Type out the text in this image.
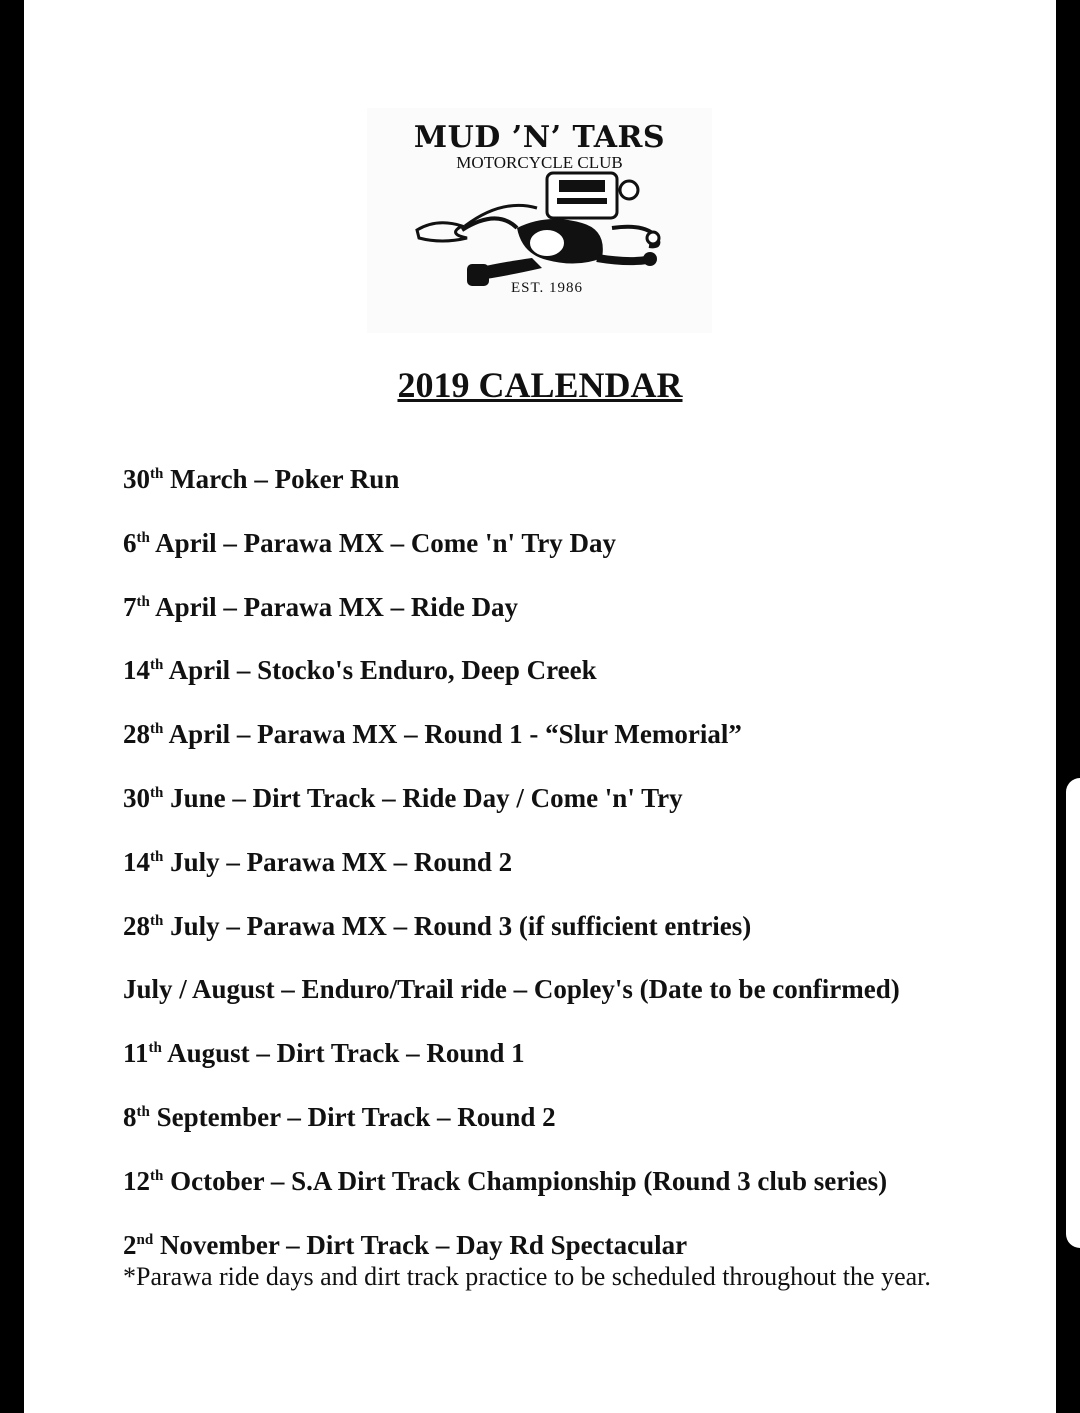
MUD ’N’ TARS
MOTORCYCLE CLUB
EST. 1986
2019 CALENDAR
30th March – Poker Run
6th April – Parawa MX – Come 'n' Try Day
7th April – Parawa MX – Ride Day
14th April – Stocko's Enduro, Deep Creek
28th April – Parawa MX – Round 1 - “Slur Memorial”
30th June – Dirt Track – Ride Day / Come 'n' Try
14th July – Parawa MX – Round 2
28th July – Parawa MX – Round 3 (if sufficient entries)
July / August – Enduro/Trail ride – Copley's (Date to be confirmed)
11th August – Dirt Track – Round 1
8th September – Dirt Track – Round 2
12th October – S.A Dirt Track Championship (Round 3 club series)
2nd November – Dirt Track – Day Rd Spectacular
*Parawa ride days and dirt track practice to be scheduled throughout the year.
